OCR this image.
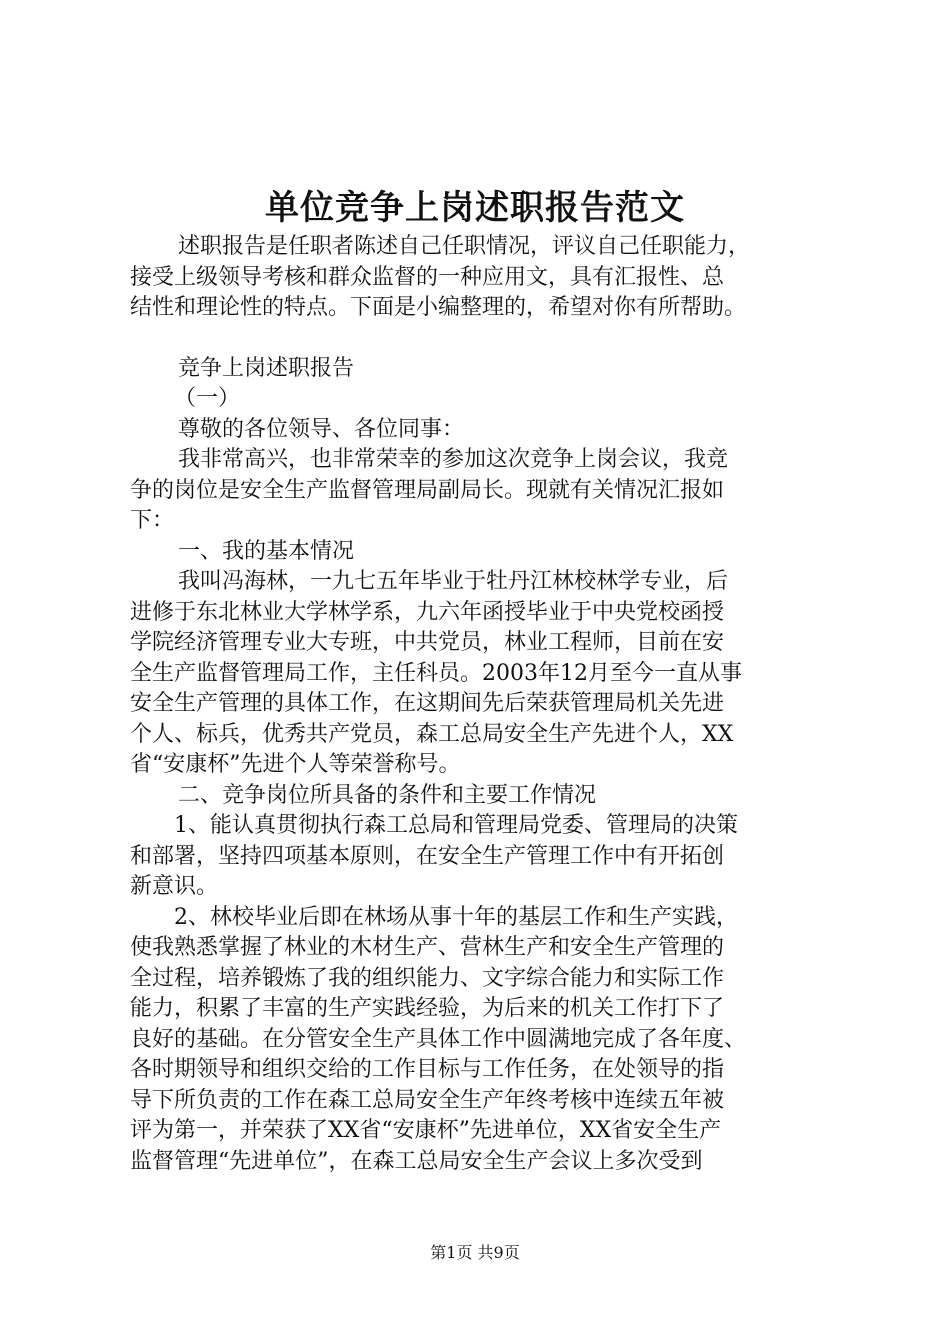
单位竞争上岗述职报告范文
述职报告是任职者陈述自己任职情况，评议自己任职能力，
接受上级领导考核和群众监督的一种应用文，具有汇报性、总
结性和理论性的特点。下面是小编整理的，希望对你有所帮助。
竞争上岗述职报告
（一）
尊敬的各位领导、各位同事：
我非常高兴，也非常荣幸的参加这次竞争上岗会议，我竞
争的岗位是安全生产监督管理局副局长。现就有关情况汇报如
下：
一、我的基本情况
我叫冯海林，一九七五年毕业于牡丹江林校林学专业，后
进修于东北林业大学林学系，九六年函授毕业于中央党校函授
学院经济管理专业大专班，中共党员，林业工程师，目前在安
全生产监督管理局工作，主任科员。2003年12月至今一直从事
安全生产管理的具体工作，在这期间先后荣获管理局机关先进
个人、标兵，优秀共产党员，森工总局安全生产先进个人，XX
省“安康杯”先进个人等荣誉称号。
二、竞争岗位所具备的条件和主要工作情况
1、能认真贯彻执行森工总局和管理局党委、管理局的决策
和部署，坚持四项基本原则，在安全生产管理工作中有开拓创
新意识。
2、林校毕业后即在林场从事十年的基层工作和生产实践，
使我熟悉掌握了林业的木材生产、营林生产和安全生产管理的
全过程，培养锻炼了我的组织能力、文字综合能力和实际工作
能力，积累了丰富的生产实践经验，为后来的机关工作打下了
良好的基础。在分管安全生产具体工作中圆满地完成了各年度、
各时期领导和组织交给的工作目标与工作任务，在处领导的指
导下所负责的工作在森工总局安全生产年终考核中连续五年被
评为第一，并荣获了XX省“安康杯”先进单位，XX省安全生产
监督管理“先进单位”，在森工总局安全生产会议上多次受到
第1页 共9页
